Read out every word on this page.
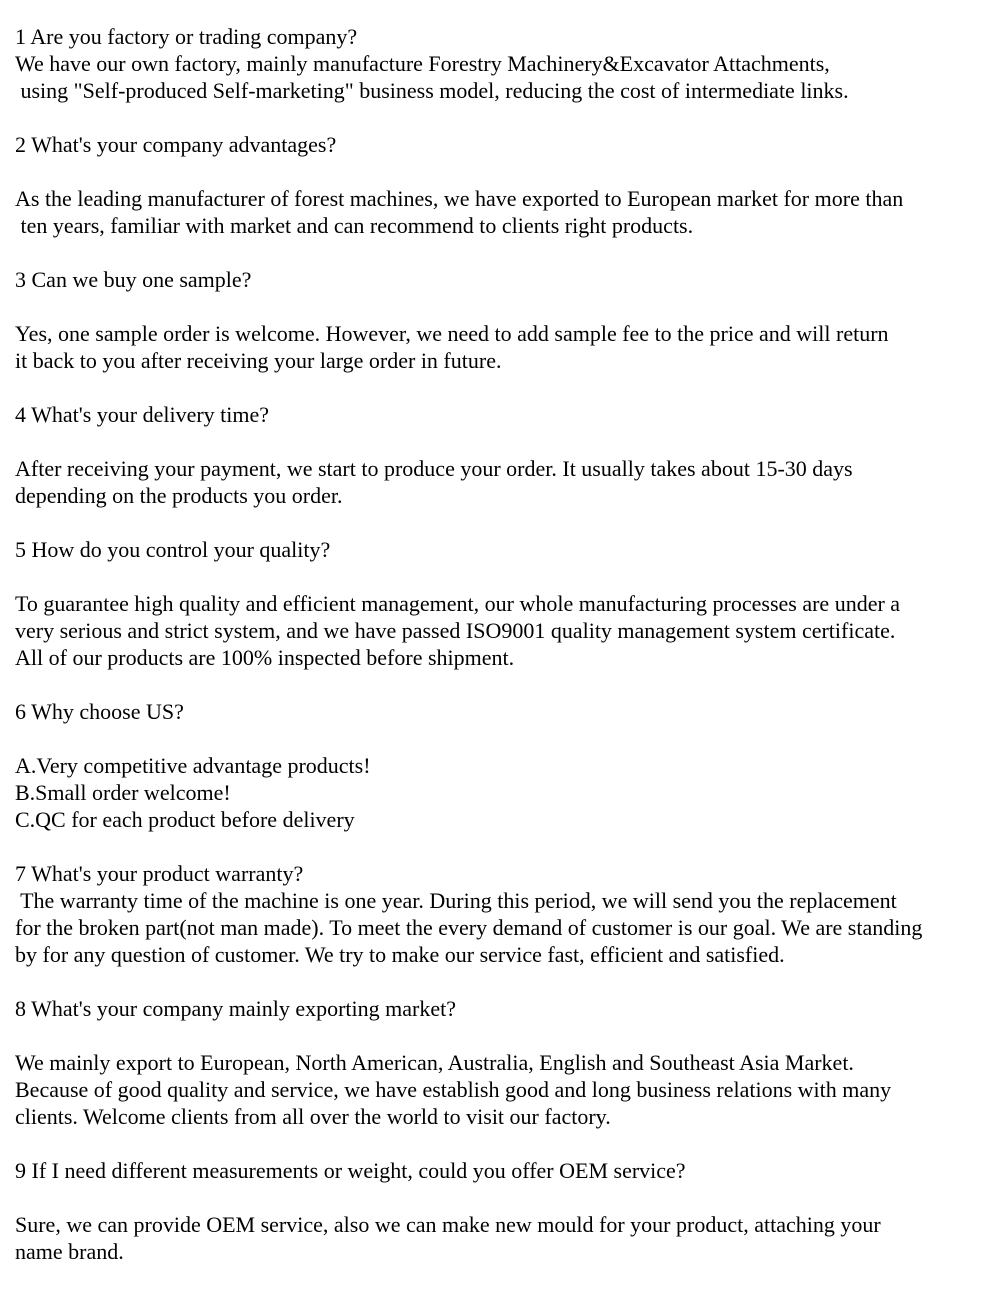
1 Are you factory or trading company?
We have our own factory, mainly manufacture Forestry Machinery&Excavator Attachments,
using "Self-produced Self-marketing" business model, reducing the cost of intermediate links.
2 What's your company advantages?
As the leading manufacturer of forest machines, we have exported to European market for more than
ten years, familiar with market and can recommend to clients right products.
3 Can we buy one sample?
Yes, one sample order is welcome. However, we need to add sample fee to the price and will return
it back to you after receiving your large order in future.
4 What's your delivery time?
After receiving your payment, we start to produce your order. It usually takes about 15-30 days
depending on the products you order.
5 How do you control your quality?
To guarantee high quality and efficient management, our whole manufacturing processes are under a
very serious and strict system, and we have passed ISO9001 quality management system certificate.
All of our products are 100% inspected before shipment.
6 Why choose US?
A.Very competitive advantage products!
B.Small order welcome!
C.QC for each product before delivery
7 What's your product warranty?
The warranty time of the machine is one year. During this period, we will send you the replacement
for the broken part(not man made). To meet the every demand of customer is our goal. We are standing
by for any question of customer. We try to make our service fast, efficient and satisfied.
8 What's your company mainly exporting market?
We mainly export to European, North American, Australia, English and Southeast Asia Market.
Because of good quality and service, we have establish good and long business relations with many
clients. Welcome clients from all over the world to visit our factory.
9 If I need different measurements or weight, could you offer OEM service?
Sure, we can provide OEM service, also we can make new mould for your product, attaching your
name brand.
